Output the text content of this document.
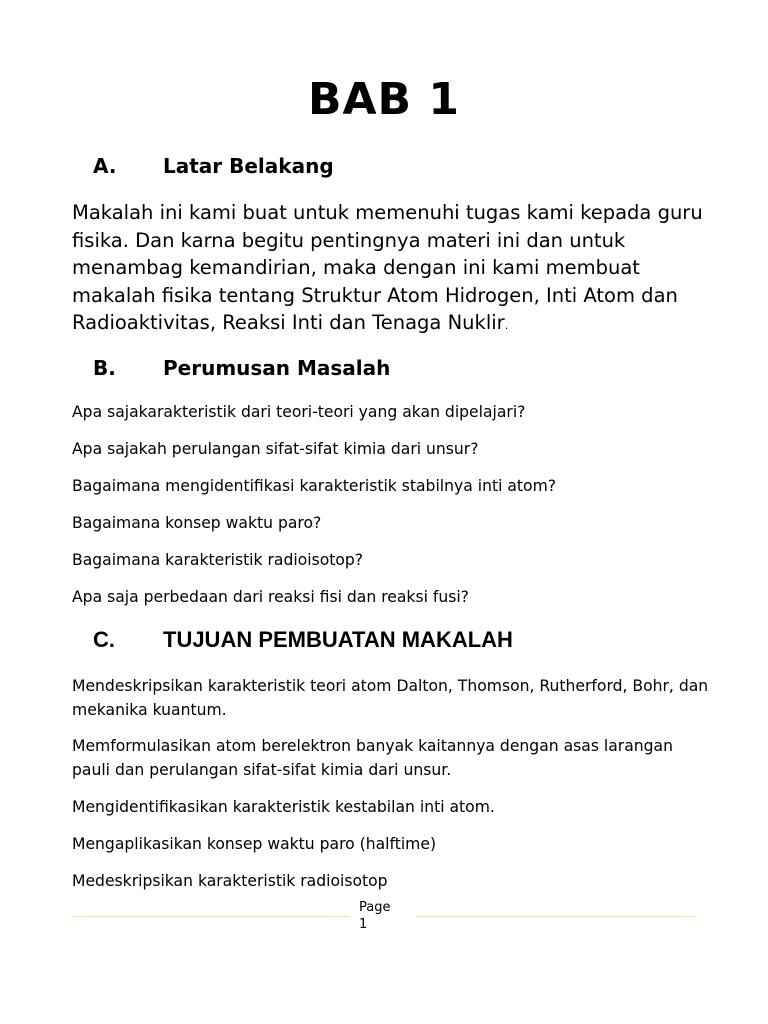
BAB 1
A. Latar Belakang

Makalah ini kami buat untuk memenuhi tugas kami kepada guru fisika. Dan karna begitu pentingnya materi ini dan untuk menambag kemandirian, maka dengan ini kami membuat makalah fisika tentang Struktur Atom Hidrogen, Inti Atom dan Radioaktivitas, Reaksi Inti dan Tenaga Nuklir.

B. Perumusan Masalah

Apa sajakarakteristik dari teori-teori yang akan dipelajari?

Apa sajakah perulangan sifat-sifat kimia dari unsur?

Bagaimana mengidentifikasi karakteristik stabilnya inti atom?

Bagaimana konsep waktu paro?

Bagaimana karakteristik radioisotop?

Apa saja perbedaan dari reaksi fisi dan reaksi fusi?

C. TUJUAN PEMBUATAN MAKALAH

Mendeskripsikan karakteristik teori atom Dalton, Thomson, Rutherford, Bohr, dan mekanika kuantum.

Memformulasikan atom berelektron banyak kaitannya dengan asas larangan pauli dan perulangan sifat-sifat kimia dari unsur.

Mengidentifikasikan karakteristik kestabilan inti atom.

Mengaplikasikan konsep waktu paro (halftime)

Medeskripsikan karakteristik radioisotop

Page
1
